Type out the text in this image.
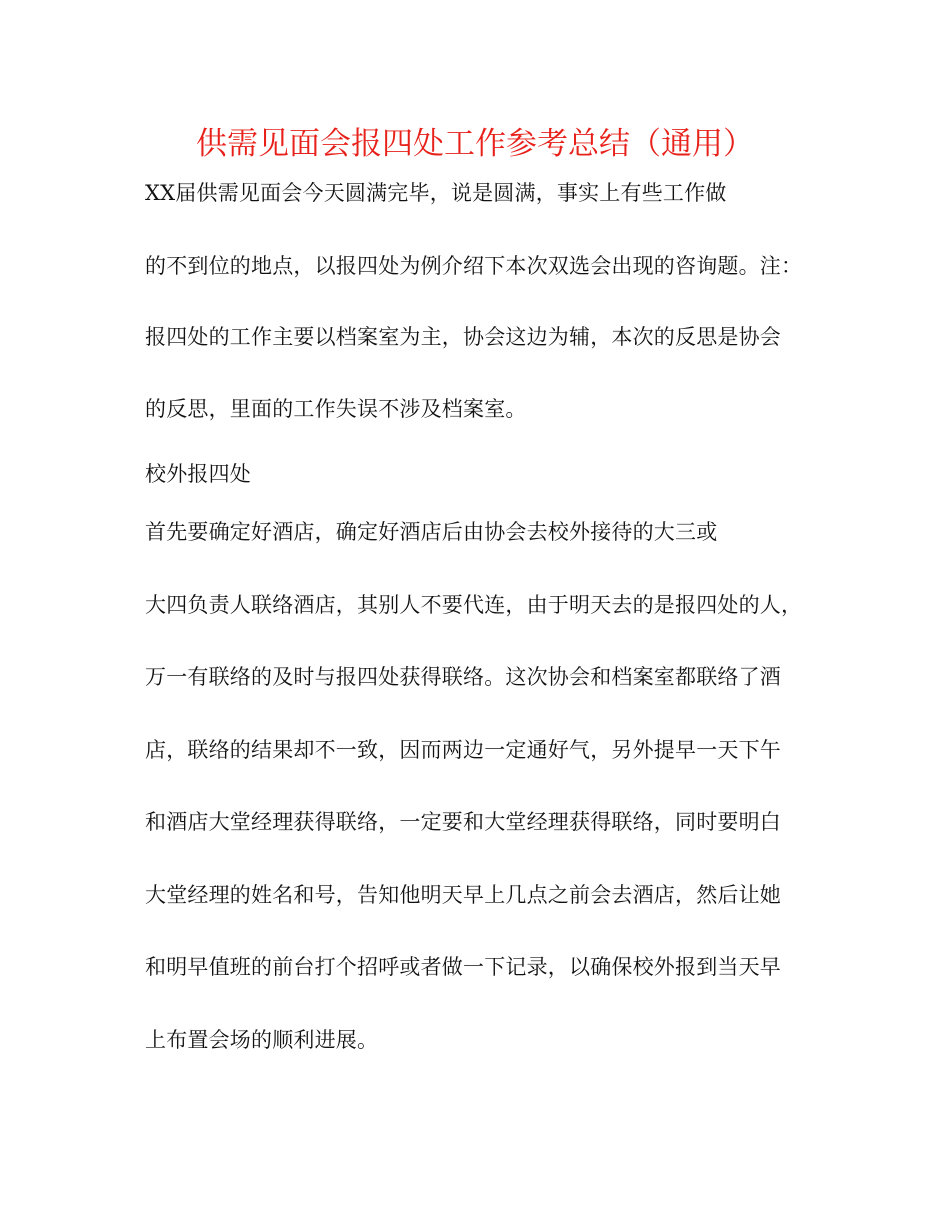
供需见面会报四处工作参考总结（通用）
XX届供需见面会今天圆满完毕，说是圆满，事实上有些工作做
的不到位的地点，以报四处为例介绍下本次双选会出现的咨询题。注：
报四处的工作主要以档案室为主，协会这边为辅，本次的反思是协会
的反思，里面的工作失误不涉及档案室。
校外报四处
首先要确定好酒店，确定好酒店后由协会去校外接待的大三或
大四负责人联络酒店，其别人不要代连，由于明天去的是报四处的人，
万一有联络的及时与报四处获得联络。这次协会和档案室都联络了酒
店，联络的结果却不一致，因而两边一定通好气，另外提早一天下午
和酒店大堂经理获得联络，一定要和大堂经理获得联络，同时要明白
大堂经理的姓名和号，告知他明天早上几点之前会去酒店，然后让她
和明早值班的前台打个招呼或者做一下记录，以确保校外报到当天早
上布置会场的顺利进展。
